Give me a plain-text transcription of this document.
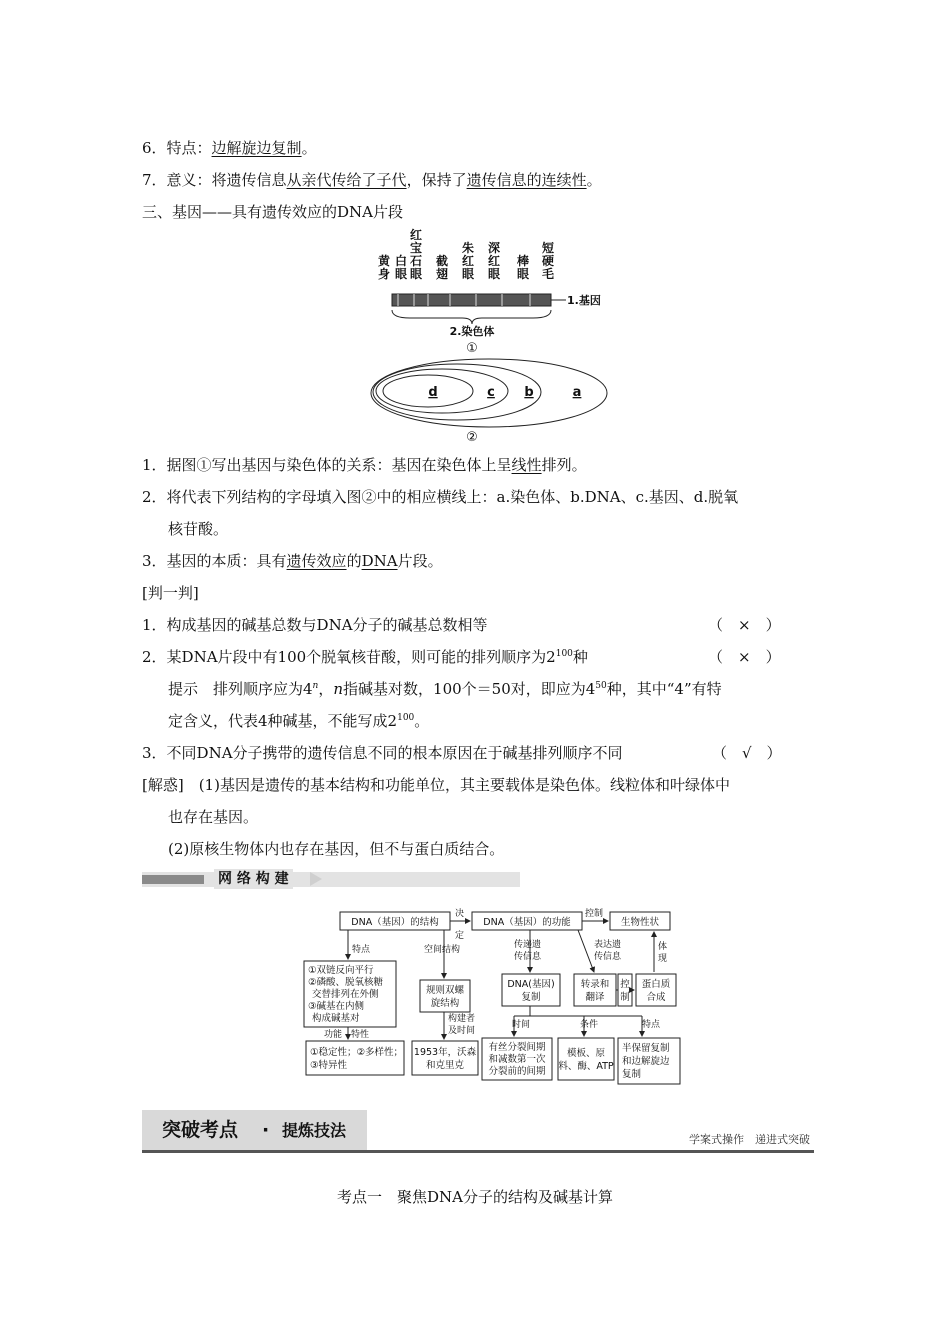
6．特点：边解旋边复制。
7．意义：将遗传信息从亲代传给了子代，保持了遗传信息的连续性。
三、基因——具有遗传效应的DNA片段
黄身
白眼
红宝石眼
截翅
朱红眼
深红眼
棒眼
短硬毛
1.基因
2.染色体
①
d	c b	a
②
1．据图①写出基因与染色体的关系：基因在染色体上呈线性排列。
2．将代表下列结构的字母填入图②中的相应横线上：a.染色体、b.DNA、c.基因、d.脱氧
核苷酸。
3．基因的本质：具有遗传效应的DNA片段。
[判一判]
1．构成基因的碱基总数与DNA分子的碱基总数相等	（　×　）
2．某DNA片段中有100个脱氧核苷酸，则可能的排列顺序为$2^{100}$种	（　×　）
提示　排列顺序应为4$^n$，n指碱基对数，100个＝50对，即应为$4^{50}$种，其中“4”有特
定含义，代表4种碱基，不能写成$2^{100}$。
3．不同DNA分子携带的遗传信息不同的根本原因在于碱基排列顺序不同	（　√　）
[解惑]　(1)基因是遗传的基本结构和功能单位，其主要载体是染色体。线粒体和叶绿体中
也存在基因。
(2)原核生物体内也存在基因，但不与蛋白质结合。
网 络 构 建
DNA（基因）的结构	DNA（基因）的功能	生物性状
①双链反向平行
②磷酸、脱氧核糖
交替排列在外侧
③碱基在内侧
构成碱基对
规则双螺
旋结构
DNA(基因)
复制
转录和
翻译
控
制
蛋白质
合成
①稳定性；②多样性；
③特异性
1953年，沃森
和克里克
有丝分裂间期
和减数第一次
分裂前的间期
模板、原
料、酶、ATP
半保留复制
和边解旋边
复制
决
定
控制
特点	空间结构	传递遗
传信息
表达遗
传信息
体
现
功能 特性
构建者
及时间
时间	条件	特点
突破考点 · 提炼技法	学案式操作　递进式突破
考点一　聚焦DNA分子的结构及碱基计算
